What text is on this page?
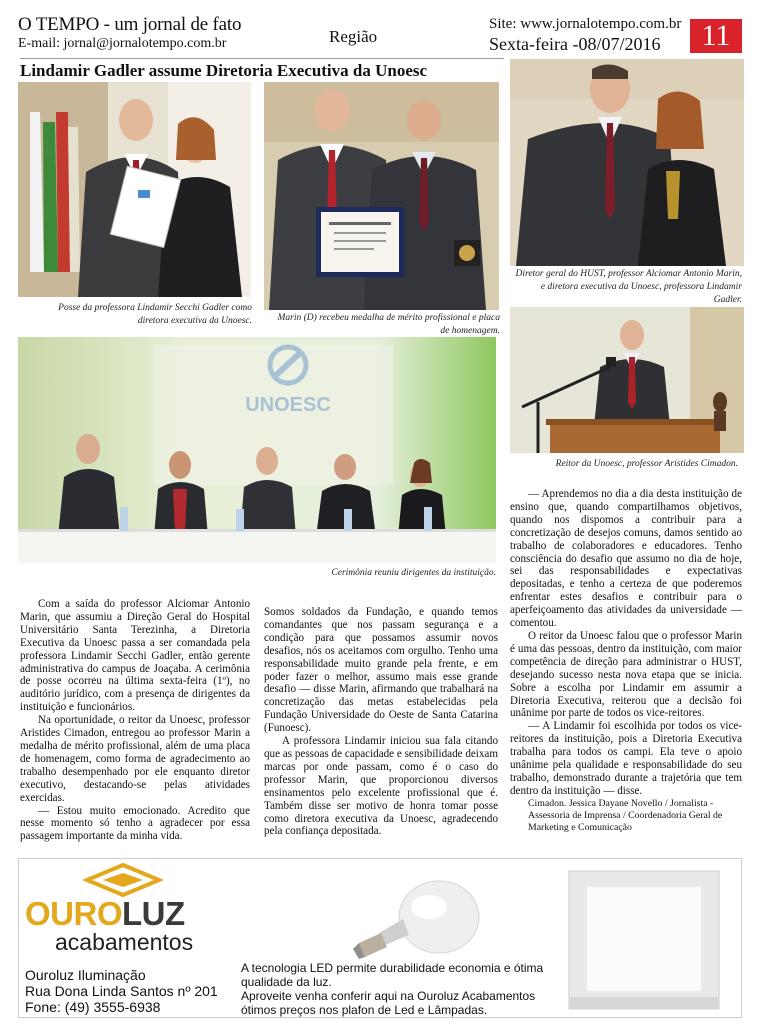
O TEMPO - um jornal de fato
E-mail: jornal@jornalotempo.com.br	Região
Site: www.jornalotempo.com.br
Sexta-feira -08/07/2016	11
Lindamir Gadler assume Diretoria Executiva da Unoesc
Posse da professora Lindamir Secchi Gadler como diretora executiva da Unoesc.	Marin (D) recebeu medalha de mérito profissional e placa de homenagem.
Diretor geral do HUST, professor Alciomar Antonio Marin, e diretora executiva da Unoesc, professora Lindamir Gadler.
UNOESC
Cerimônia reuniu dirigentes da instituição.
Reitor da Unoesc, professor Aristides Cimadon.

Com a saída do professor Alciomar Antonio Marin, que assumiu a Direção Geral do Hospital Universitário Santa Terezinha, a Diretoria Executiva da Unoesc passa a ser comandada pela professora Lindamir Secchi Gadler, então gerente administrativa do campus de Joaçaba. A cerimônia de posse ocorreu na última sexta-feira (1º), no auditório jurídico, com a presença de dirigentes da instituição e funcionários.

Na oportunidade, o reitor da Unoesc, professor Aristides Cimadon, entregou ao professor Marin a medalha de mérito profissional, além de uma placa de homenagem, como forma de agradecimento ao trabalho desempenhado por ele enquanto diretor executivo, destacando-se pelas atividades exercidas.

— Estou muito emocionado. Acredito que nesse momento só tenho a agradecer por essa passagem importante da minha vida.

Somos soldados da Fundação, e quando temos comandantes que nos passam segurança e a condição para que possamos assumir novos desafios, nós os aceitamos com orgulho. Tenho uma responsabilidade muito grande pela frente, e em poder fazer o melhor, assumo mais esse grande desafio — disse Marin, afirmando que trabalhará na concretização das metas estabelecidas pela Fundação Universidade do Oeste de Santa Catarina (Funoesc).

A professora Lindamir iniciou sua fala citando que as pessoas de capacidade e sensibilidade deixam marcas por onde passam, como é o caso do professor Marin, que proporcionou diversos ensinamentos pelo excelente profissional que é. Também disse ser motivo de honra tomar posse como diretora executiva da Unoesc, agradecendo pela confiança depositada.

— Aprendemos no dia a dia desta instituição de ensino que, quando compartilhamos objetivos, quando nos dispomos a contribuir para a concretização de desejos comuns, damos sentido ao trabalho de colaboradores e educadores. Tenho consciência do desafio que assumo no dia de hoje, sei das responsabilidades e expectativas depositadas, e tenho a certeza de que poderemos enfrentar estes desafios e contribuir para o aperfeiçoamento das atividades da universidade — comentou.

O reitor da Unoesc falou que o professor Marin é uma das pessoas, dentro da instituição, com maior competência de direção para administrar o HUST, desejando sucesso nesta nova etapa que se inicia. Sobre a escolha por Lindamir em assumir a Diretoria Executiva, reiterou que a decisão foi unânime por parte de todos os vice-reitores.

— A Lindamir foi escolhida por todos os vice-reitores da instituição, pois a Diretoria Executiva trabalha para todos os campi. Ela teve o apoio unânime pela qualidade e responsabilidade do seu trabalho, demonstrado durante a trajetória que tem dentro da instituição — disse.

Cimadon. Jessica Dayane Novello / Jornalista - Assessoria de Imprensa / Coordenadoria Geral de Marketing e Comunicação

OUROLUZ
acabamentos
Ouroluz Iluminação
Rua Dona Linda Santos nº 201
Fone: (49) 3555-6938
A tecnologia LED permite durabilidade economia e ótima qualidade da luz.
Aproveite venha conferir aqui na Ouroluz Acabamentos ótimos preços nos plafon de Led e Lâmpadas.
